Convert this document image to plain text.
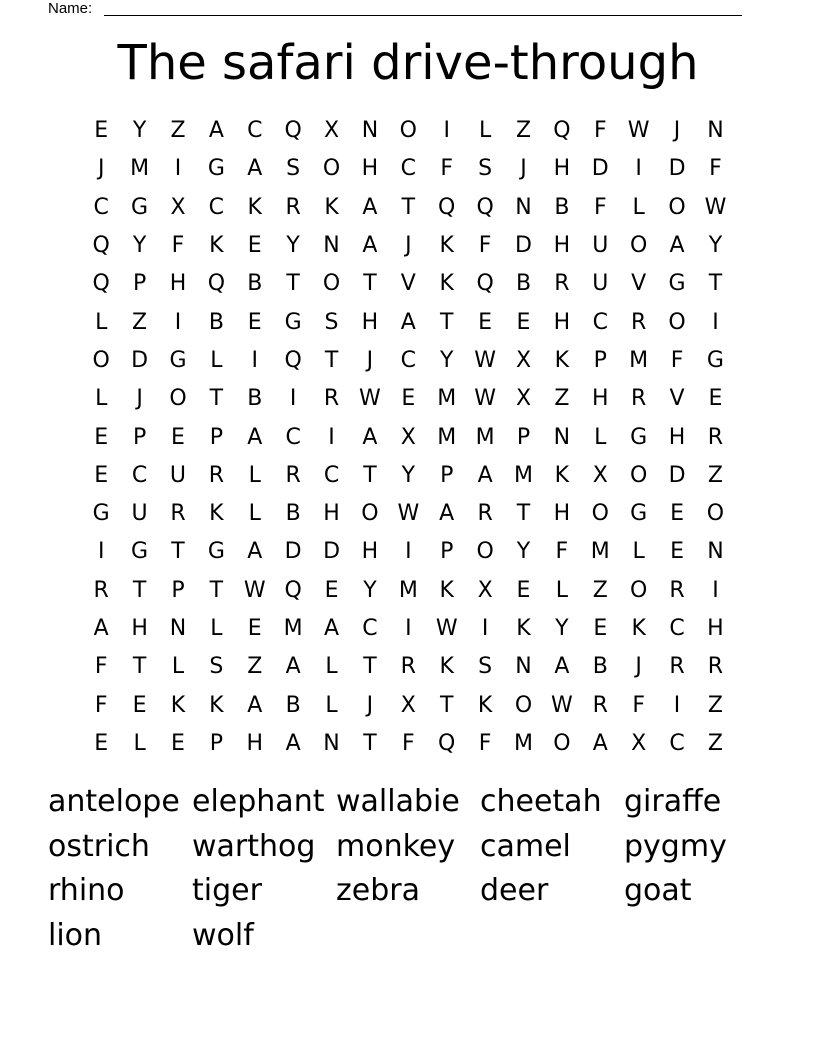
Name:
The safari drive-through
E	Y	Z	A	C	Q	X	N O	I	L	Z	Q	F W	J	N
J	M	I	G	A	S	O H	C	F	S	J	H D	I	D	F
C	G	X	C	K	R	K	A	T	Q Q N	B	F	L	O W
Q	Y	F	K	E	Y	N	A	J	K	F	D H	U O	A	Y
Q	P	H Q	B	T	O	T	V	K	Q	B	R	U	V	G	T
L	Z	I	B	E	G	S	H	A	T	E	E	H	C	R	O	I
O D G	L	I	Q	T	J	C	Y W X	K	P	M	F	G
L	J	O	T	B	I	R W E M W X	Z	H	R	V	E
E	P	E	P	A	C	I	A	X M M	P	N	L	G H	R
E	C	U	R	L	R	C	T	Y	P	A M K	X	O D	Z
G U	R	K	L	B	H O W A	R	T	H O G	E	O
I	G	T	G	A	D D H	I	P	O	Y	F	M	L	E	N
R	T	P	T W Q	E	Y	M K	X	E	L	Z	O	R	I
A	H N	L	E M A	C	I	W	I	K	Y	E	K	C	H
F	T	L	S	Z	A	L	T	R	K	S	N	A	B	J	R	R
F	E	K	K	A	B	L	J	X	T	K	O W R	F	I	Z
E	L	E	P	H	A	N	T	F	Q	F	M O	A	X	C	Z
antelope elephant wallabie cheetah giraffe
ostrich	warthog monkey camel	pygmy
rhino	tiger	zebra	deer	goat
lion	wolf
